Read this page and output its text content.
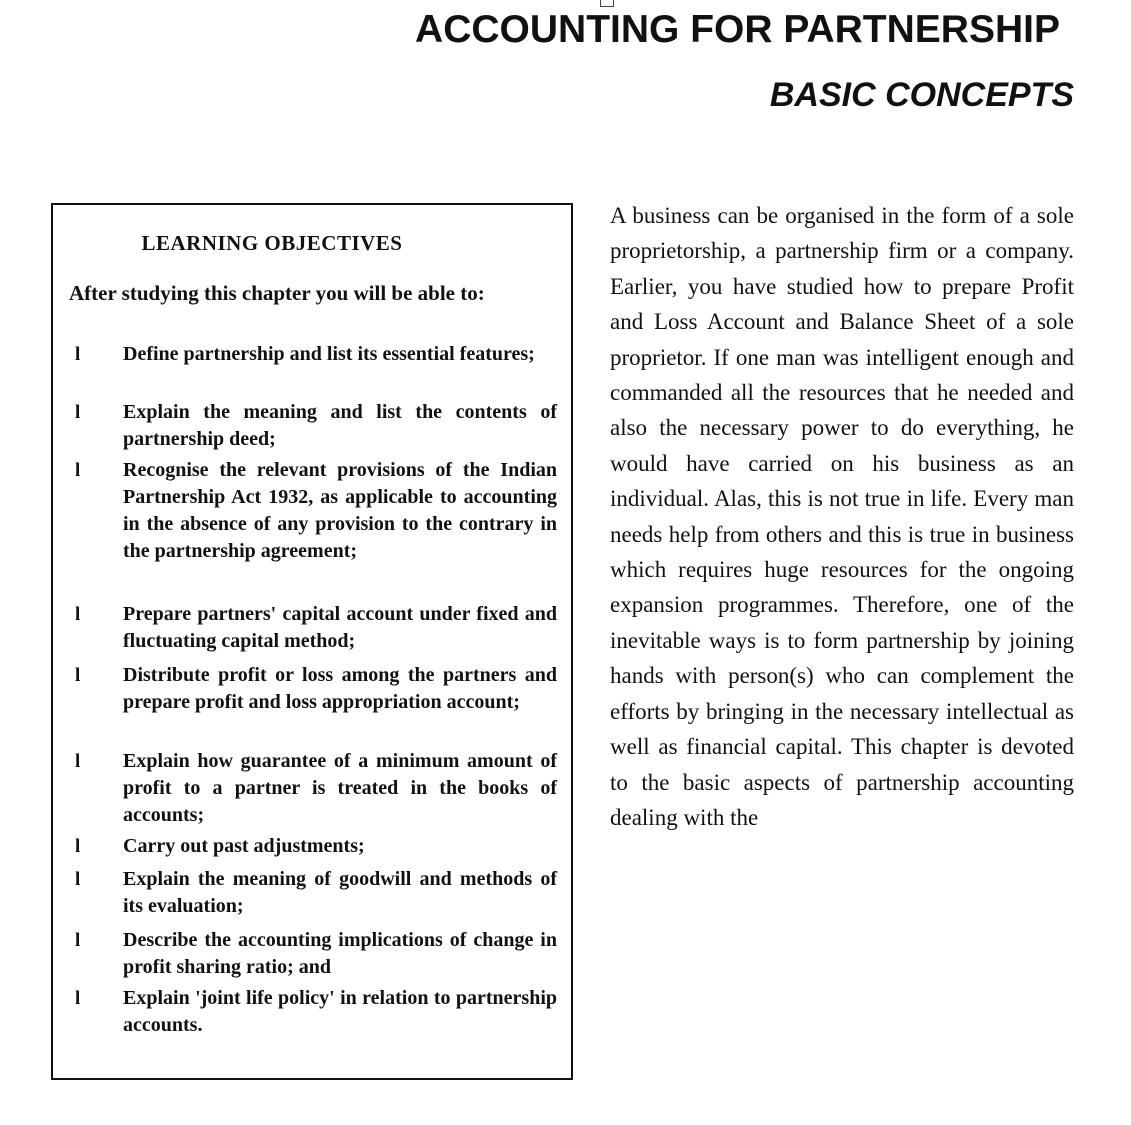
ACCOUNTING FOR PARTNERSHIP
BASIC CONCEPTS
LEARNING OBJECTIVES
After studying this chapter you will be able to:
l Define partnership and list its essential features;
l Explain the meaning and list the contents of partnership deed;
l Recognise the relevant provisions of the Indian Partnership Act 1932, as applicable to accounting in the absence of any provision to the contrary in the partnership agreement;
l Prepare partners' capital account under fixed and fluctuating capital method;
l Distribute profit or loss among the partners and prepare profit and loss appropriation account;
l Explain how guarantee of a minimum amount of profit to a partner is treated in the books of accounts;
l Carry out past adjustments;
l Explain the meaning of goodwill and methods of its evaluation;
l Describe the accounting implications of change in profit sharing ratio; and
l Explain 'joint life policy' in relation to partnership accounts.

A business can be organised in the form of a sole proprietorship, a partnership firm or a company. Earlier, you have studied how to prepare Profit and Loss Account and Balance Sheet of a sole proprietor. If one man was intelligent enough and commanded all the resources that he needed and also the necessary power to do everything, he would have carried on his business as an individual. Alas, this is not true in life. Every man needs help from others and this is true in business which requires huge resources for the ongoing expansion programmes. Therefore, one of the inevitable ways is to form partnership by joining hands with person(s) who can complement the efforts by bringing in the necessary intellectual as well as financial capital. This chapter is devoted to the basic aspects of partnership accounting dealing with the
